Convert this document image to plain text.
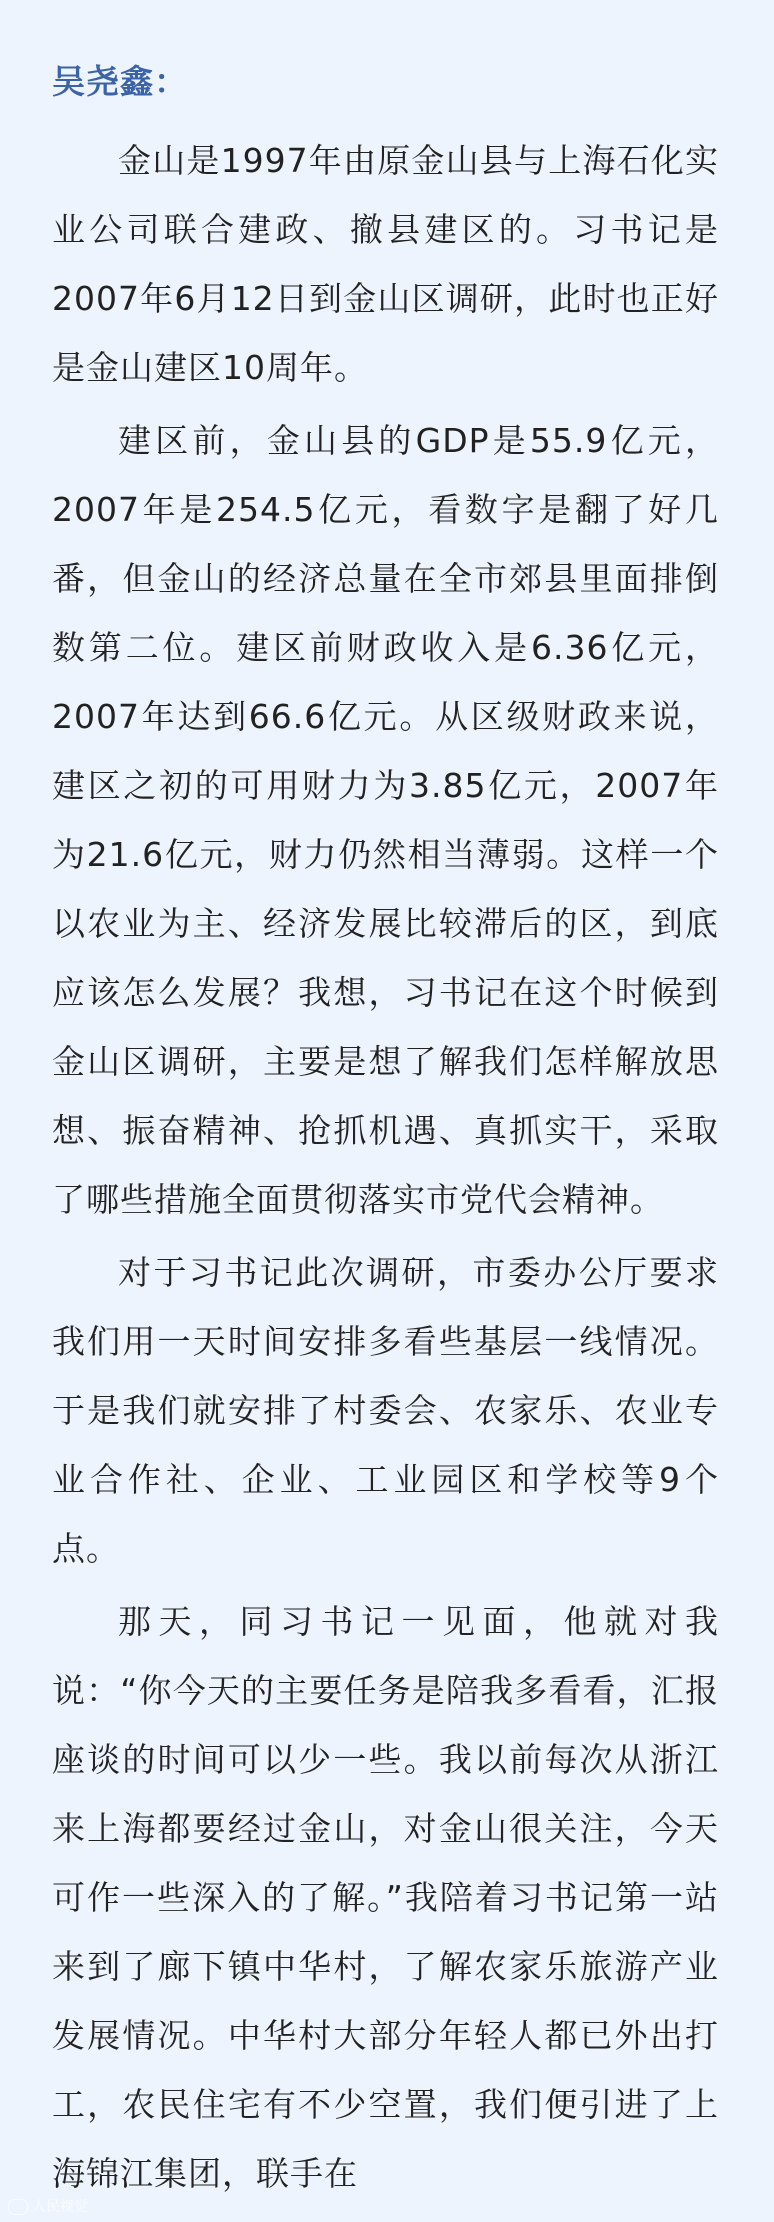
吴尧鑫：

金山是1997年由原金山县与上海石化实业公司联合建政、撤县建区的。习书记是2007年6月12日到金山区调研，此时也正好是金山建区10周年。

建区前，金山县的GDP是55.9亿元，2007年是254.5亿元，看数字是翻了好几番，但金山的经济总量在全市郊县里面排倒数第二位。建区前财政收入是6.36亿元，2007年达到66.6亿元。从区级财政来说，建区之初的可用财力为3.85亿元，2007年为21.6亿元，财力仍然相当薄弱。这样一个以农业为主、经济发展比较滞后的区，到底应该怎么发展？我想，习书记在这个时候到金山区调研，主要是想了解我们怎样解放思想、振奋精神、抢抓机遇、真抓实干，采取了哪些措施全面贯彻落实市党代会精神。

对于习书记此次调研，市委办公厅要求我们用一天时间安排多看些基层一线情况。于是我们就安排了村委会、农家乐、农业专业合作社、企业、工业园区和学校等9个点。

那天，同习书记一见面，他就对我说：“你今天的主要任务是陪我多看看，汇报座谈的时间可以少一些。我以前每次从浙江来上海都要经过金山，对金山很关注，今天可作一些深入的了解。”我陪着习书记第一站来到了廊下镇中华村，了解农家乐旅游产业发展情况。中华村大部分年轻人都已外出打工，农民住宅有不少空置，我们便引进了上海锦江集团，联手在

人民视觉
